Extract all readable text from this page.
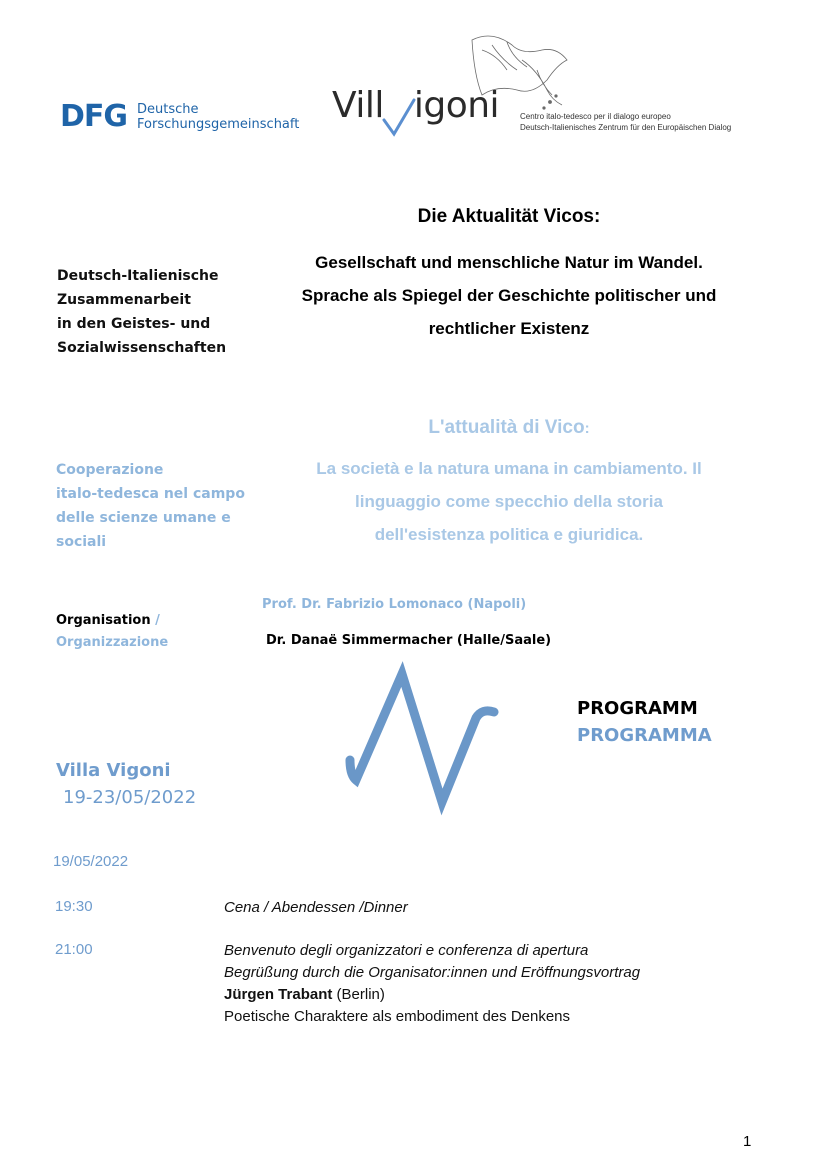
DFG Deutsche
Forschungsgemeinschaft Vill igoni	Centro italo-tedesco per il dialogo europeo
Deutsch-Italienisches Zentrum für den Europäischen Dialog
Die Aktualität Vicos:
Gesellschaft und menschliche Natur im Wandel.
Sprache als Spiegel der Geschichte politischer und
rechtlicher Existenz
Deutsch-Italienische
Zusammenarbeit
in den Geistes- und
Sozialwissenschaften
L'attualità di Vico:
La società e la natura umana in cambiamento. Il
linguaggio come specchio della storia
dell'esistenza politica e giuridica.
Cooperazione
italo-tedesca nel campo
delle scienze umane e
sociali
Organisation /
Organizzazione
Prof. Dr. Fabrizio Lomonaco (Napoli)
Dr. Danaë Simmermacher (Halle/Saale)
PROGRAMM
PROGRAMMA
Villa Vigoni
19-23/05/2022
19/05/2022
19:30	Cena / Abendessen /Dinner
21:00	Benvenuto degli organizzatori e conferenza di apertura
Begrüßung durch die Organisator:innen und Eröffnungsvortrag
Jürgen Trabant (Berlin)
Poetische Charaktere als embodiment des Denkens
1
